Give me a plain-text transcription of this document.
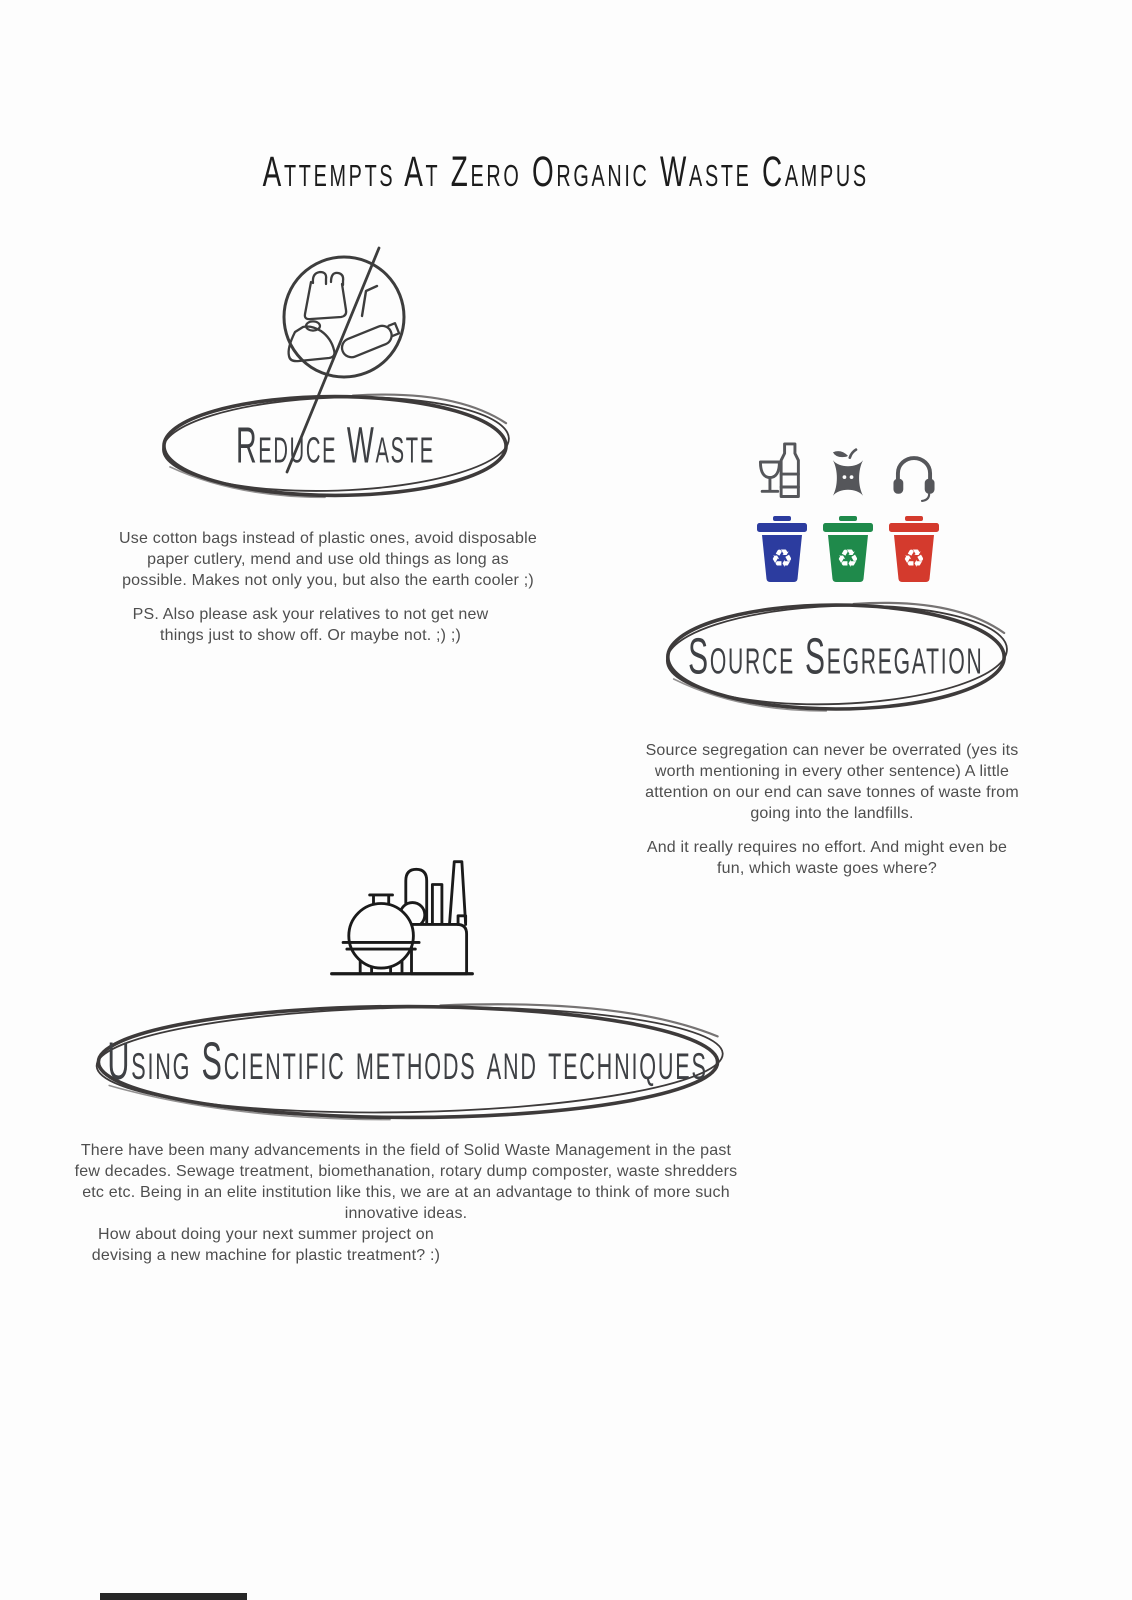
Attempts At Zero Organic Waste Campus
Reduce Waste

Use cotton bags instead of plastic ones, avoid disposable paper cutlery, mend and use old things as long as possible. Makes not only you, but also the earth cooler ;)

PS. Also please ask your relatives to not get new things just to show off. Or maybe not. ;) ;)

♻ ♻ ♻
Source Segregation

Source segregation can never be overrated (yes its worth mentioning in every other sentence) A little attention on our end can save tonnes of waste from going into the landfills.

And it really requires no effort. And might even be fun, which waste goes where?

Using Scientific methods and techniques

There have been many advancements in the field of Solid Waste Management in the past few decades. Sewage treatment, biomethanation, rotary dump composter, waste shredders etc etc. Being in an elite institution like this, we are at an advantage to think of more such innovative ideas.

How about doing your next summer project on devising a new machine for plastic treatment? :)
